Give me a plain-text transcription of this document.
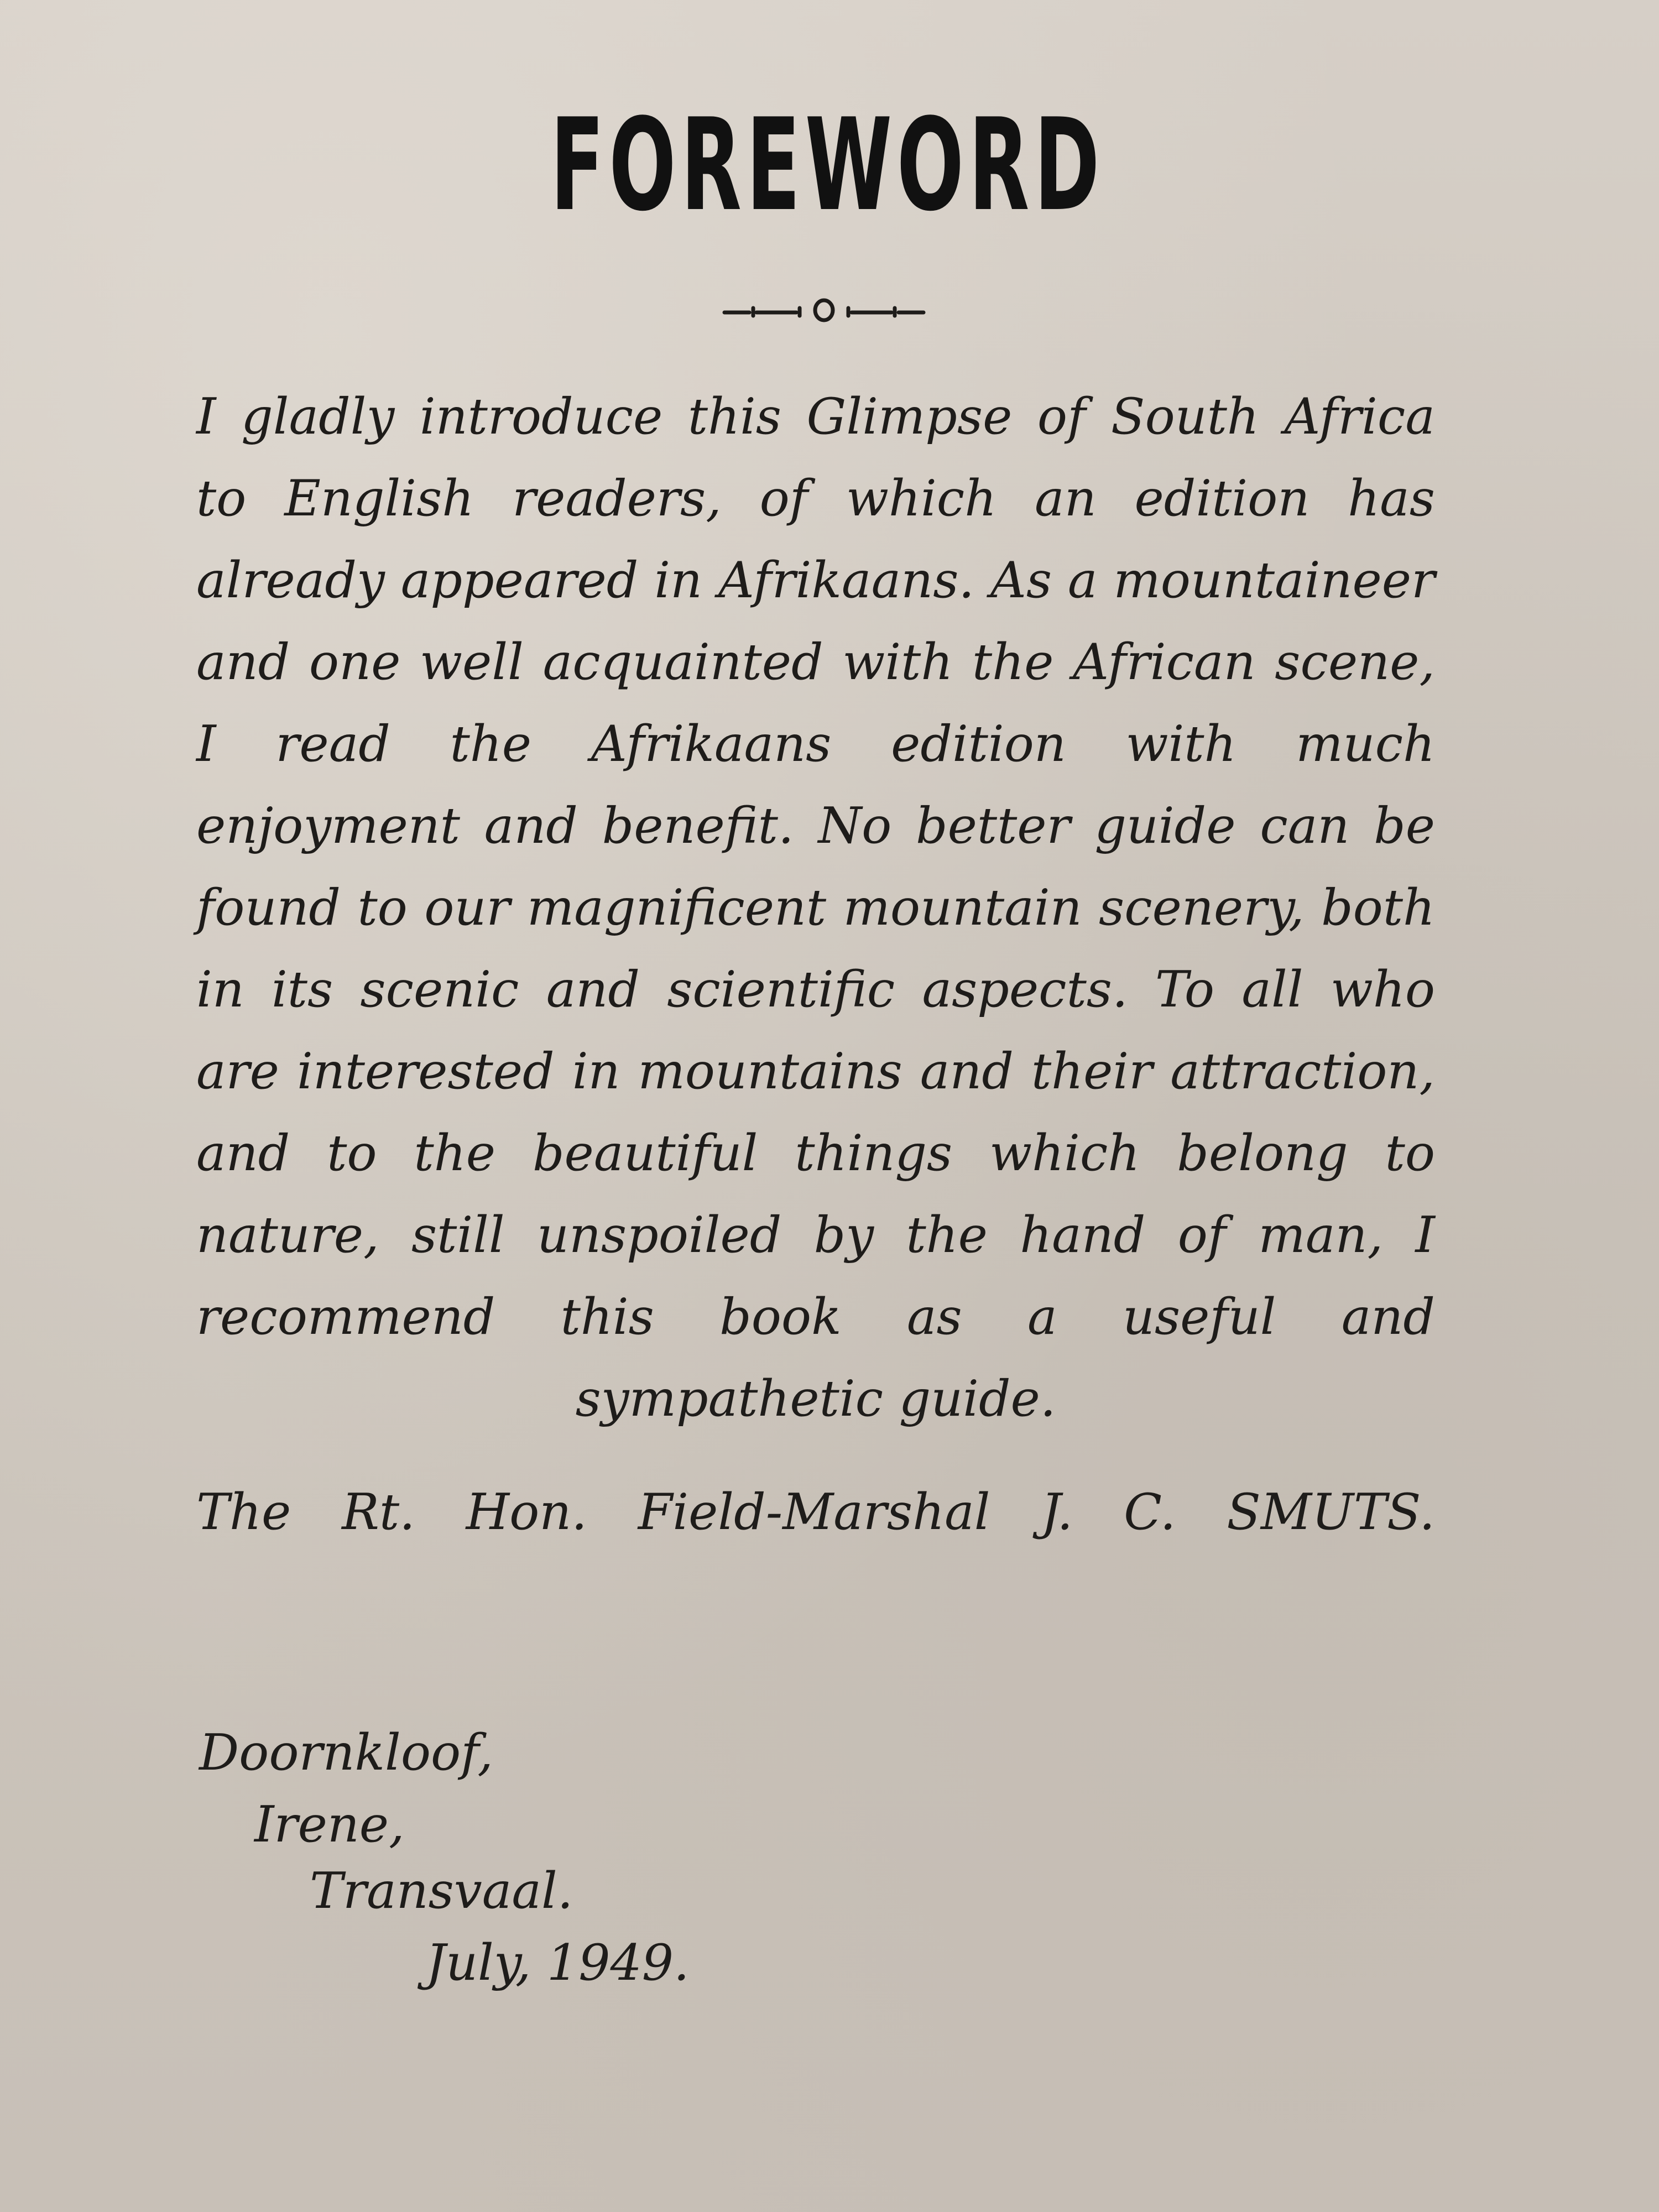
FOREWORD

I gladly introduce this Glimpse of South Africa to English readers, of which an edition has already appeared in Afrikaans. As a mountaineer and one well acquainted with the African scene, I read the Afrikaans edition with much enjoyment and benefit. No better guide can be found to our magnificent mountain scenery, both in its scenic and scientific aspects. To all who are interested in mountains and their attraction, and to the beautiful things which belong to nature, still unspoiled by the hand of man, I recommend this book as a useful and sympathetic guide.

The Rt. Hon. Field-Marshal J. C. SMUTS.

Doornkloof,

Irene,

Transvaal.

July, 1949.
